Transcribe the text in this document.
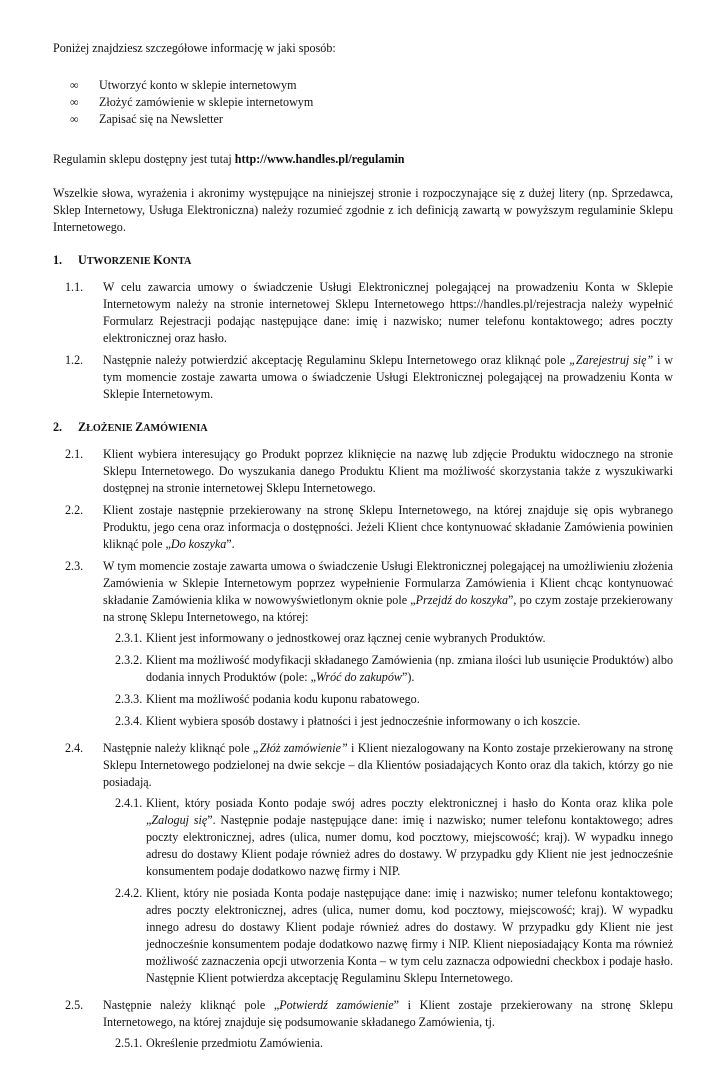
Poniżej znajdziesz szczegółowe informację w jaki sposób:

∞	Utworzyć konto w sklepie internetowym
∞	Złożyć zamówienie w sklepie internetowym
∞	Zapisać się na Newsletter

Regulamin sklepu dostępny jest tutaj http://www.handles.pl/regulamin

Wszelkie słowa, wyrażenia i akronimy występujące na niniejszej stronie i rozpoczynające się z dużej litery (np. Sprzedawca, Sklep Internetowy, Usługa Elektroniczna) należy rozumieć zgodnie z ich definicją zawartą w powyższym regulaminie Sklepu Internetowego.

1.	UTWORZENIE KONTA
1.1.	W celu zawarcia umowy o świadczenie Usługi Elektronicznej polegającej na prowadzeniu Konta w Sklepie Internetowym należy na stronie internetowej Sklepu Internetowego https://handles.pl/rejestracja należy wypełnić Formularz Rejestracji podając następujące dane: imię i nazwisko; numer telefonu kontaktowego; adres poczty elektronicznej oraz hasło.
1.2.	Następnie należy potwierdzić akceptację Regulaminu Sklepu Internetowego oraz kliknąć pole „Zarejestruj się” i w tym momencie zostaje zawarta umowa o świadczenie Usługi Elektronicznej polegającej na prowadzeniu Konta w Sklepie Internetowym.
2.	ZŁOŻENIE ZAMÓWIENIA
2.1.	Klient wybiera interesujący go Produkt poprzez kliknięcie na nazwę lub zdjęcie Produktu widocznego na stronie Sklepu Internetowego. Do wyszukania danego Produktu Klient ma możliwość skorzystania także z wyszukiwarki dostępnej na stronie internetowej Sklepu Internetowego.
2.2.	Klient zostaje następnie przekierowany na stronę Sklepu Internetowego, na której znajduje się opis wybranego Produktu, jego cena oraz informacja o dostępności. Jeżeli Klient chce kontynuować składanie Zamówienia powinien kliknąć pole „Do koszyka”.
2.3.	W tym momencie zostaje zawarta umowa o świadczenie Usługi Elektronicznej polegającej na umożliwieniu złożenia Zamówienia w Sklepie Internetowym poprzez wypełnienie Formularza Zamówienia i Klient chcąc kontynuować składanie Zamówienia klika w nowowyświetlonym oknie pole „Przejdź do koszyka”, po czym zostaje przekierowany na stronę Sklepu Internetowego, na której:
2.3.1. Klient jest informowany o jednostkowej oraz łącznej cenie wybranych Produktów.
2.3.2. Klient ma możliwość modyfikacji składanego Zamówienia (np. zmiana ilości lub usunięcie Produktów) albo dodania innych Produktów (pole: „Wróć do zakupów”).
2.3.3. Klient ma możliwość podania kodu kuponu rabatowego.
2.3.4. Klient wybiera sposób dostawy i płatności i jest jednocześnie informowany o ich koszcie.
2.4.	Następnie należy kliknąć pole „Złóż zamówienie” i Klient niezalogowany na Konto zostaje przekierowany na stronę Sklepu Internetowego podzielonej na dwie sekcje – dla Klientów posiadających Konto oraz dla takich, którzy go nie posiadają.
2.4.1. Klient, który posiada Konto podaje swój adres poczty elektronicznej i hasło do Konta oraz klika pole „Zaloguj się”. Następnie podaje następujące dane: imię i nazwisko; numer telefonu kontaktowego; adres poczty elektronicznej, adres (ulica, numer domu, kod pocztowy, miejscowość; kraj). W wypadku innego adresu do dostawy Klient podaje również adres do dostawy. W przypadku gdy Klient nie jest jednocześnie konsumentem podaje dodatkowo nazwę firmy i NIP.
2.4.2. Klient, który nie posiada Konta podaje następujące dane: imię i nazwisko; numer telefonu kontaktowego; adres poczty elektronicznej, adres (ulica, numer domu, kod pocztowy, miejscowość; kraj). W wypadku innego adresu do dostawy Klient podaje również adres do dostawy. W przypadku gdy Klient nie jest jednocześnie konsumentem podaje dodatkowo nazwę firmy i NIP. Klient nieposiadający Konta ma również możliwość zaznaczenia opcji utworzenia Konta – w tym celu zaznacza odpowiedni checkbox i podaje hasło. Następnie Klient potwierdza akceptację Regulaminu Sklepu Internetowego.
2.5.	Następnie należy kliknąć pole „Potwierdź zamówienie” i Klient zostaje przekierowany na stronę Sklepu Internetowego, na której znajduje się podsumowanie składanego Zamówienia, tj.
2.5.1. Określenie przedmiotu Zamówienia.
